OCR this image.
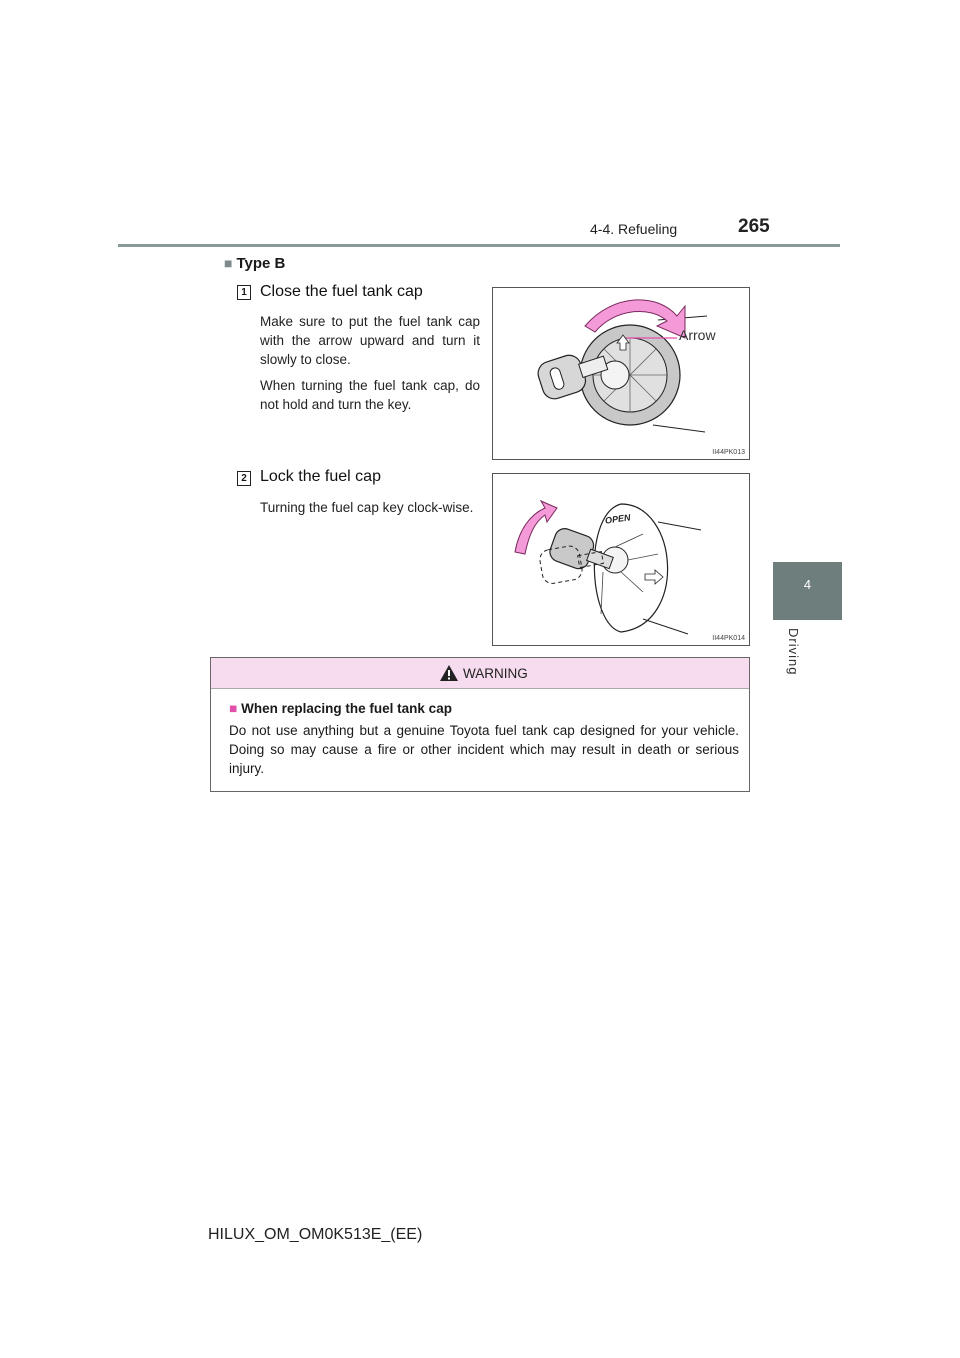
4-4. Refueling	265
4
Driving
■ Type B
1 Close the fuel tank cap

Make sure to put the fuel tank cap with the arrow upward and turn it slowly to close.

When turning the fuel tank cap, do not hold and turn the key.

Arrow
II44PK013
2 Lock the fuel cap

Turning the fuel cap key clock-wise.

OPEN
II44PK014
WARNING
■ When replacing the fuel tank cap
Do not use anything but a genuine Toyota fuel tank cap designed for your vehicle. Doing so may cause a fire or other incident which may result in death or serious injury.
HILUX_OM_OM0K513E_(EE)
